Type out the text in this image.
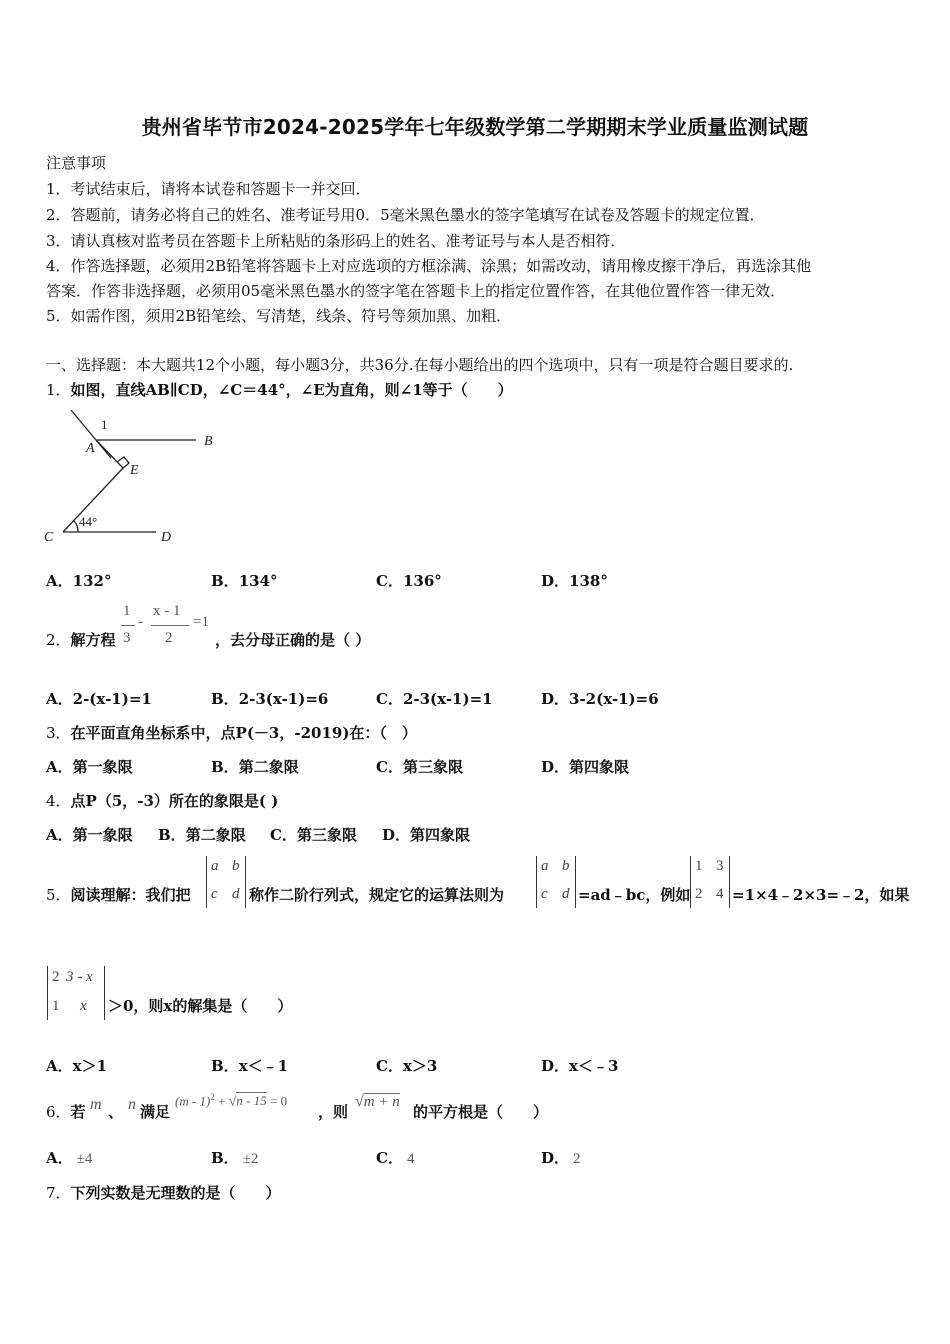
贵州省毕节市2024-2025学年七年级数学第二学期期末学业质量监测试题
注意事项
1．考试结束后，请将本试卷和答题卡一并交回．
2．答题前，请务必将自己的姓名、准考证号用0．5毫米黑色墨水的签字笔填写在试卷及答题卡的规定位置．
3．请认真核对监考员在答题卡上所粘贴的条形码上的姓名、准考证号与本人是否相符．
4．作答选择题，必须用2B铅笔将答题卡上对应选项的方框涂满、涂黑；如需改动，请用橡皮擦干净后，再选涂其他
答案．作答非选择题，必须用05毫米黑色墨水的签字笔在答题卡上的指定位置作答，在其他位置作答一律无效．
5．如需作图，须用2B铅笔绘、写清楚，线条、符号等须加黑、加粗．
一、选择题：本大题共12个小题，每小题3分，共36分.在每小题给出的四个选项中，只有一项是符合题目要求的.
1．如图，直线AB∥CD，∠C＝44°，∠E为直角，则∠1等于（　　）
A	B
E
C	D
1
44°
A．132°	B．134°	C．136°	D．138°
2．解方程
1
3
-
x - 1
2
=1
，去分母正确的是（ ）
A．2-(x-1)=1	B．2-3(x-1)=6	C．2-3(x-1)=1	D．3-2(x-1)=6
3．在平面直角坐标系中，点P(－3，-2019)在：（　）
A．第一象限	B．第二象限	C．第三象限	D．第四象限
4．点P（5，-3）所在的象限是( )
A．第一象限 B．第二象限 C．第三象限 D．第四象限
5．阅读理解：我们把
a b
c d 称作二阶行列式，规定它的运算法则为
a b
c d =ad﹣bc，例如
1 3
2 4 =1×4﹣2×3=﹣2，如果
2 3 - x
1 x ＞0，则x的解集是（　　）
A．x＞1	B．x＜﹣1	C．x＞3	D．x＜﹣3
6．若 m 、 n 满足
(m - 1)$^2$ + √n - 15 = 0
，则
√m + n
的平方根是（　　）
A． ±4	B． ±2	C． 4	D． 2
7．下列实数是无理数的是（　　）
